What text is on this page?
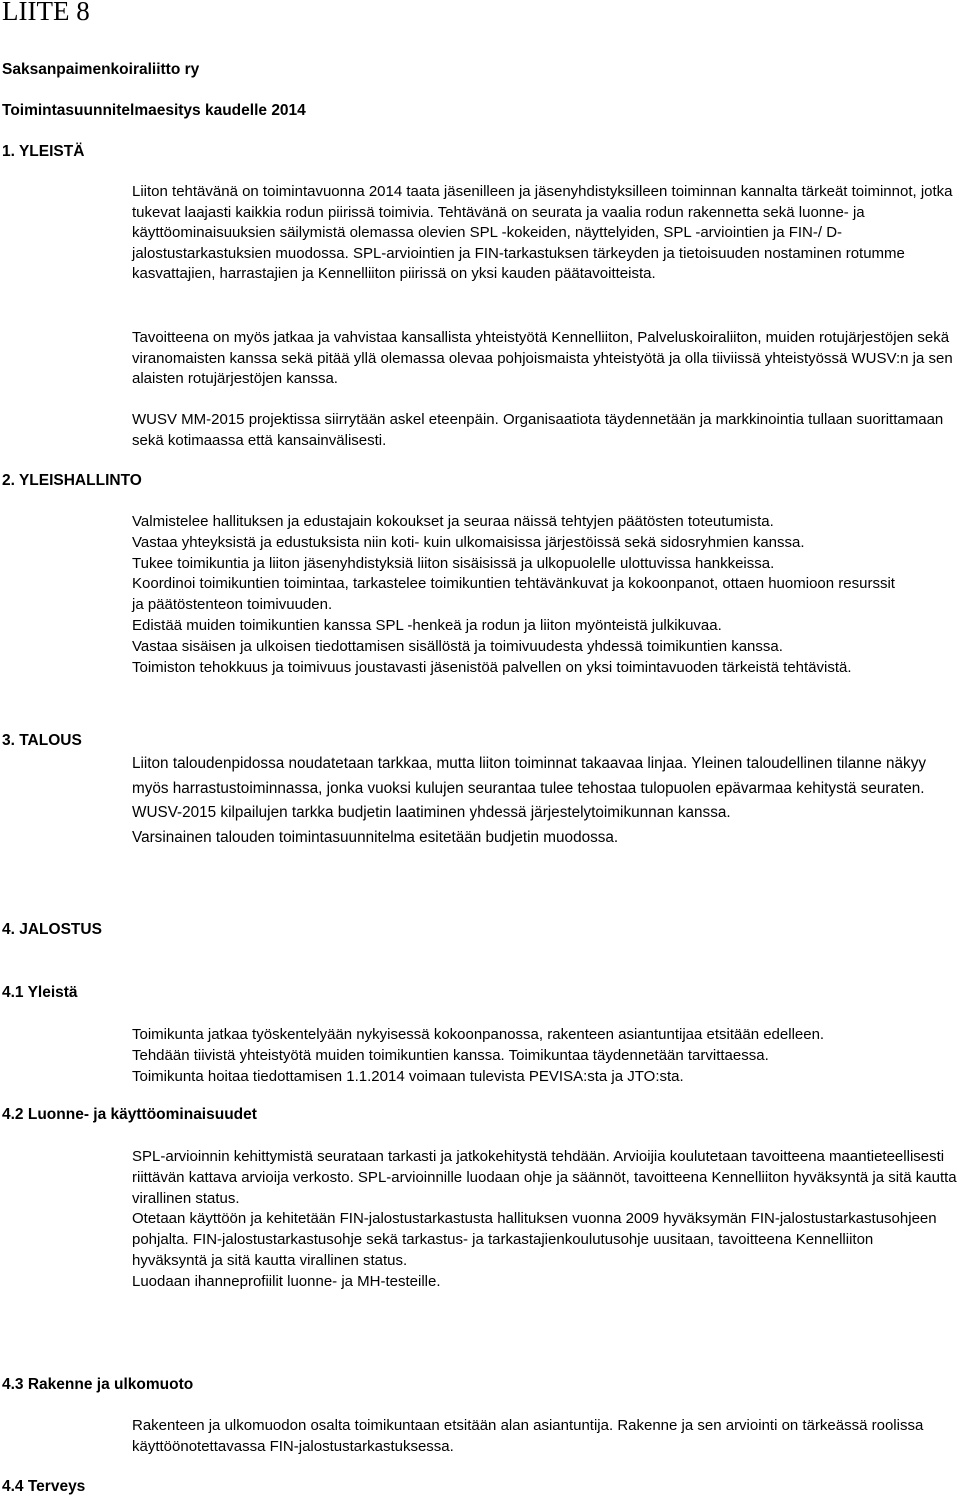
LIITE 8
Saksanpaimenkoiraliitto ry
Toimintasuunnitelmaesitys kaudelle 2014
1. YLEISTÄ

Liiton tehtävänä on toimintavuonna 2014 taata jäsenilleen ja jäsenyhdistyksilleen toiminnan kannalta tärkeät toiminnot, jotka tukevat laajasti kaikkia rodun piirissä toimivia. Tehtävänä on seurata ja vaalia rodun rakennetta sekä luonne- ja käyttöominaisuuksien säilymistä olemassa olevien SPL -kokeiden, näyttelyiden, SPL -arviointien ja FIN-/ D-jalostustarkastuksien muodossa. SPL-arviointien ja FIN-tarkastuksen tärkeyden ja tietoisuuden nostaminen rotumme kasvattajien, harrastajien ja Kennelliiton piirissä on yksi kauden päätavoitteista.

Tavoitteena on myös jatkaa ja vahvistaa kansallista yhteistyötä Kennelliiton, Palveluskoiraliiton, muiden rotujärjestöjen sekä viranomaisten kanssa sekä pitää yllä olemassa olevaa pohjoismaista yhteistyötä ja olla tiiviissä yhteistyössä WUSV:n ja sen alaisten rotujärjestöjen kanssa.

WUSV MM-2015 projektissa siirrytään askel eteenpäin. Organisaatiota täydennetään ja markkinointia tullaan suorittamaan sekä kotimaassa että kansainvälisesti.

2. YLEISHALLINTO
Valmistelee hallituksen ja edustajain kokoukset ja seuraa näissä tehtyjen päätösten toteutumista.
Vastaa yhteyksistä ja edustuksista niin koti- kuin ulkomaisissa järjestöissä sekä sidosryhmien kanssa.
Tukee toimikuntia ja liiton jäsenyhdistyksiä liiton sisäisissä ja ulkopuolelle ulottuvissa hankkeissa.
Koordinoi toimikuntien toimintaa, tarkastelee toimikuntien tehtävänkuvat ja kokoonpanot, ottaen huomioon resurssit ja päätöstenteon toimivuuden.
Edistää muiden toimikuntien kanssa SPL -henkeä ja rodun ja liiton myönteistä julkikuvaa.
Vastaa sisäisen ja ulkoisen tiedottamisen sisällöstä ja toimivuudesta yhdessä toimikuntien kanssa.
Toimiston tehokkuus ja toimivuus joustavasti jäsenistöä palvellen on yksi toimintavuoden tärkeistä tehtävistä.
3. TALOUS
Liiton taloudenpidossa noudatetaan tarkkaa, mutta liiton toiminnat takaavaa linjaa. Yleinen taloudellinen tilanne näkyy myös harrastustoiminnassa, jonka vuoksi kulujen seurantaa tulee tehostaa tulopuolen epävarmaa kehitystä seuraten.
WUSV-2015 kilpailujen tarkka budjetin laatiminen yhdessä järjestelytoimikunnan kanssa.
Varsinainen talouden toimintasuunnitelma esitetään budjetin muodossa.
4. JALOSTUS
4.1 Yleistä
Toimikunta jatkaa työskentelyään nykyisessä kokoonpanossa, rakenteen asiantuntijaa etsitään edelleen.
Tehdään tiivistä yhteistyötä muiden toimikuntien kanssa. Toimikuntaa täydennetään tarvittaessa.
Toimikunta hoitaa tiedottamisen 1.1.2014 voimaan tulevista PEVISA:sta ja JTO:sta.
4.2 Luonne- ja käyttöominaisuudet
SPL-arvioinnin kehittymistä seurataan tarkasti ja jatkokehitystä tehdään. Arvioijia koulutetaan tavoitteena maantieteellisesti riittävän kattava arvioija verkosto. SPL-arvioinnille luodaan ohje ja säännöt, tavoitteena Kennelliiton hyväksyntä ja sitä kautta virallinen status.
Otetaan käyttöön ja kehitetään FIN-jalostustarkastusta hallituksen vuonna 2009 hyväksymän FIN-jalostustarkastusohjeen pohjalta. FIN-jalostustarkastusohje sekä tarkastus- ja tarkastajienkoulutusohje uusitaan, tavoitteena Kennelliiton hyväksyntä ja sitä kautta virallinen status.
Luodaan ihanneprofiilit luonne- ja MH-testeille.
4.3 Rakenne ja ulkomuoto
Rakenteen ja ulkomuodon osalta toimikuntaan etsitään alan asiantuntija. Rakenne ja sen arviointi on tärkeässä roolissa käyttöönotettavassa FIN-jalostustarkastuksessa.
4.4 Terveys
